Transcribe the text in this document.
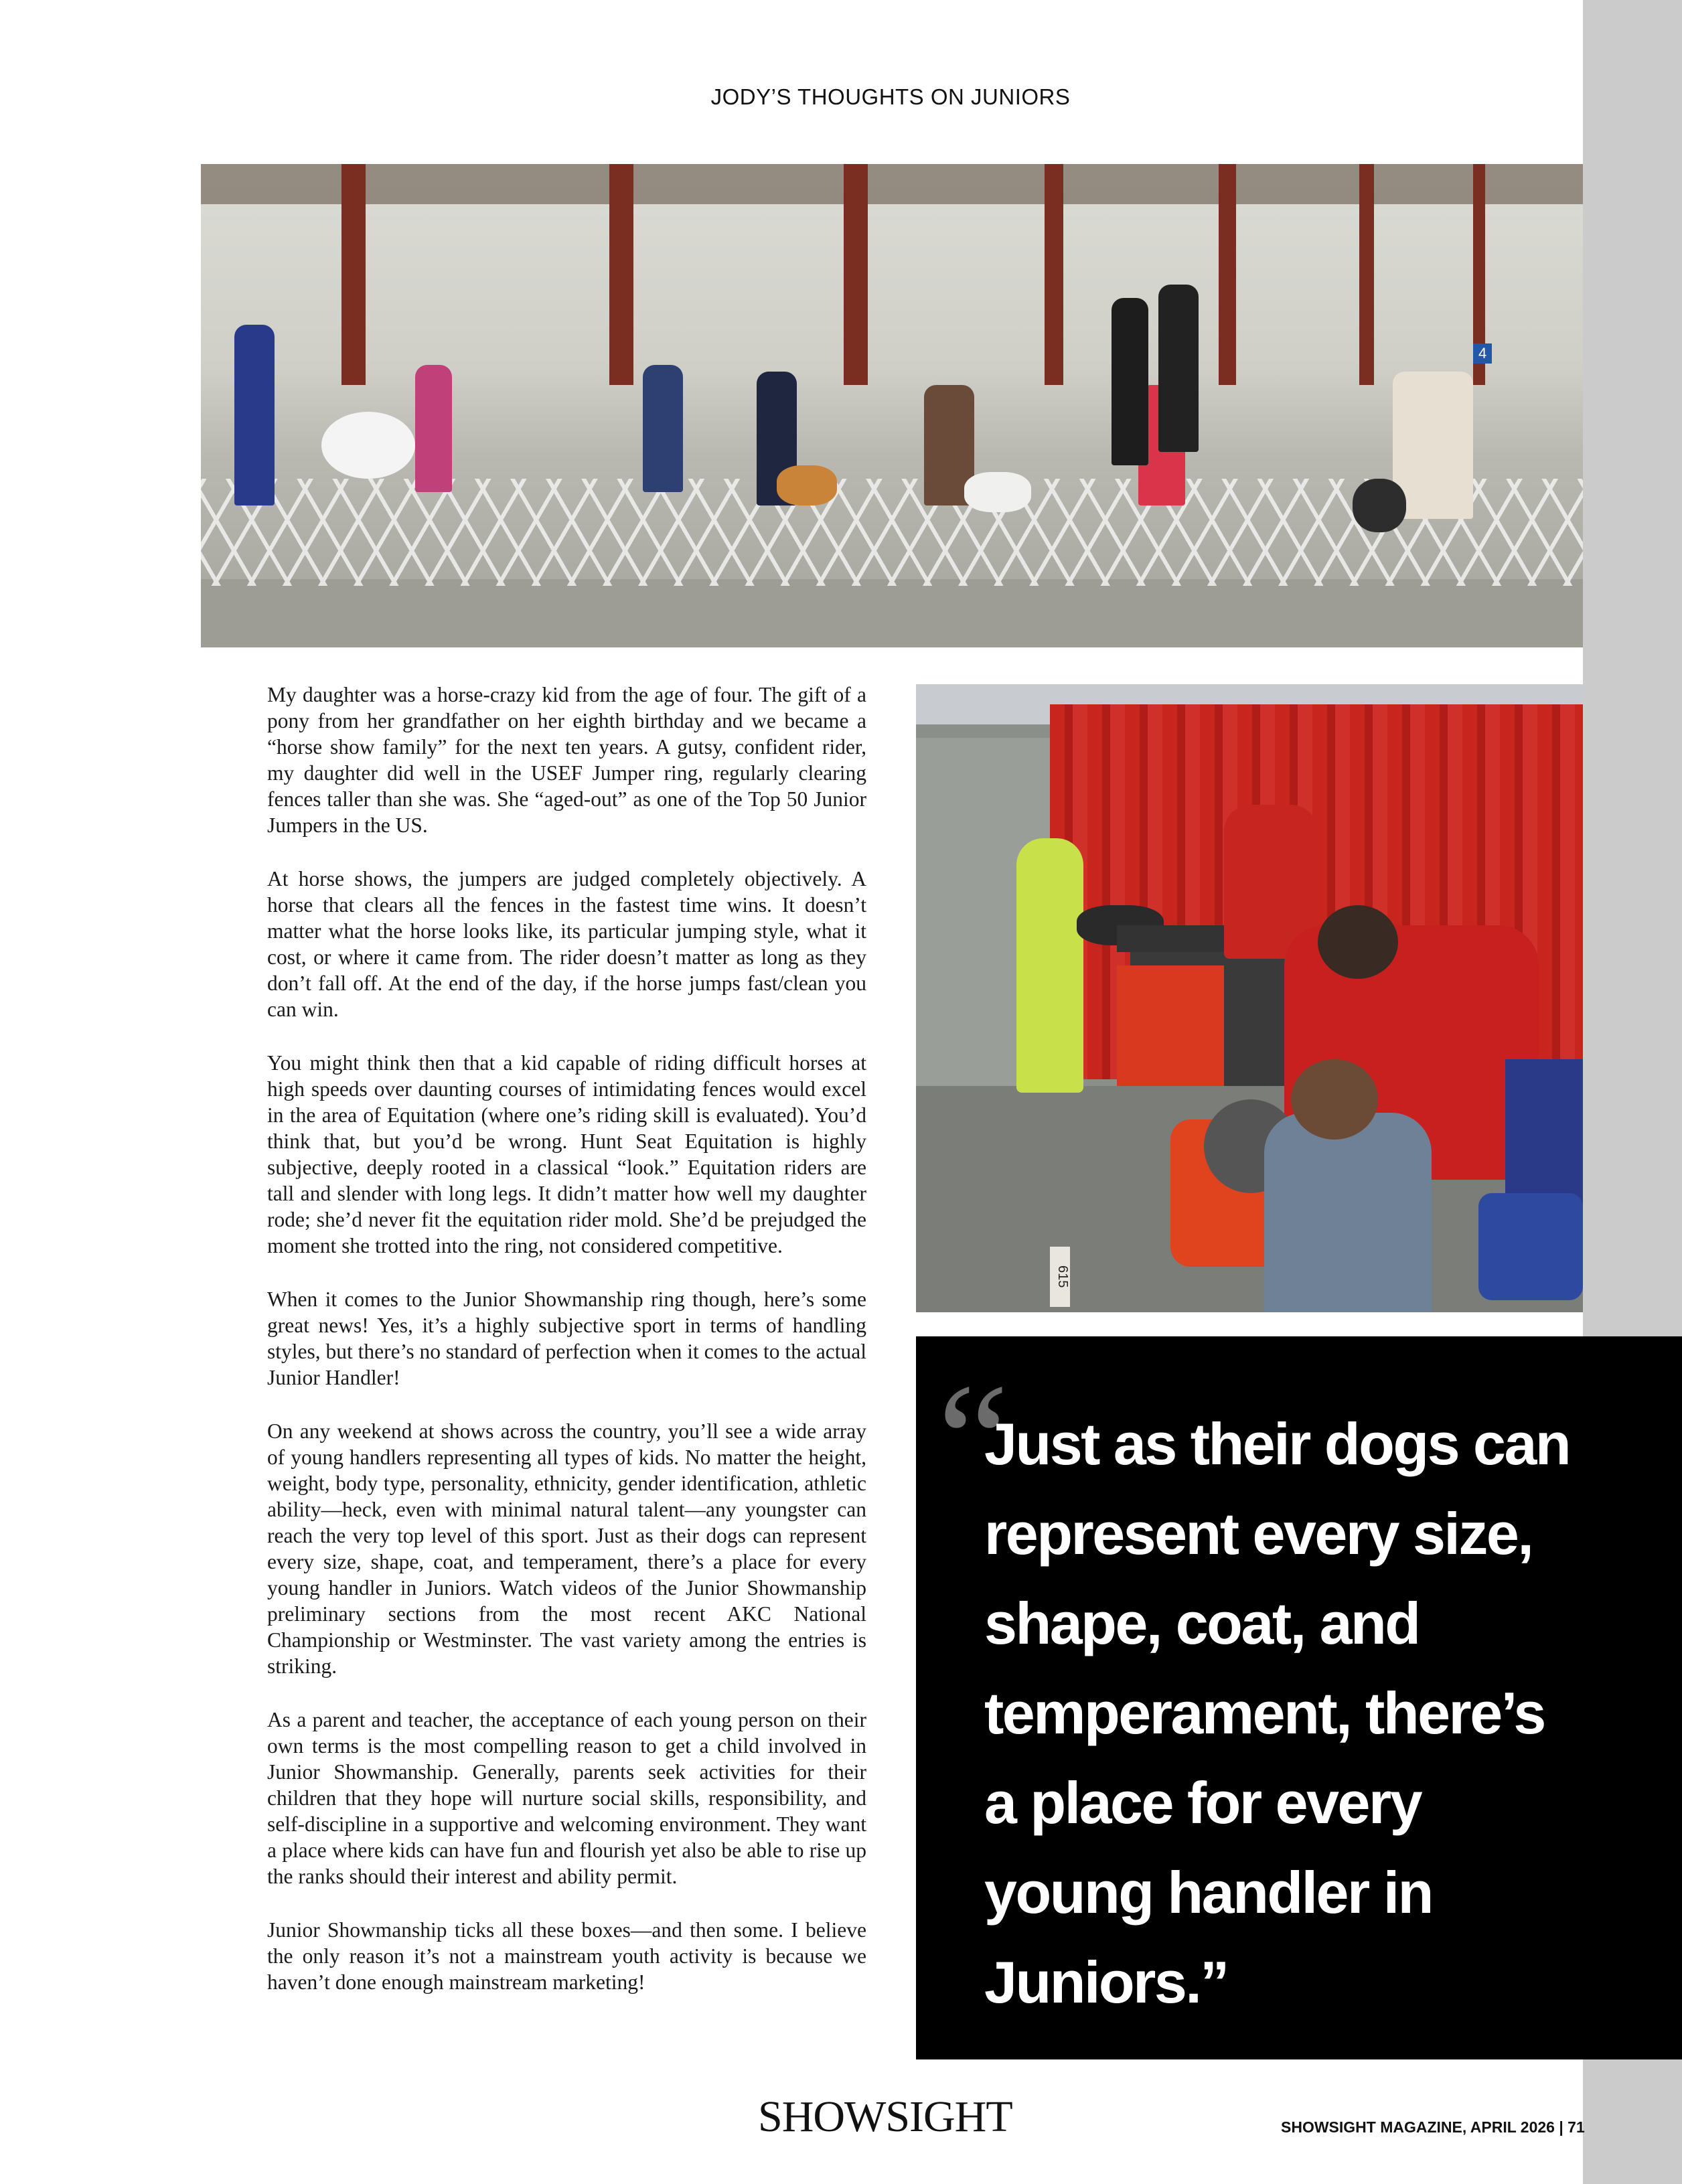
JODY’S THOUGHTS ON JUNIORS
4
615

My daughter was a horse-crazy kid from the age of four. The gift of a pony from her grandfather on her eighth birthday and we became a “horse show family” for the next ten years. A gutsy, confident rider, my daughter did well in the USEF Jumper ring, regularly clearing fences taller than she was. She “aged-out” as one of the Top 50 Junior Jumpers in the US.

At horse shows, the jumpers are judged completely objectively. A horse that clears all the fences in the fastest time wins. It doesn’t matter what the horse looks like, its particular jumping style, what it cost, or where it came from. The rider doesn’t matter as long as they don’t fall off. At the end of the day, if the horse jumps fast/clean you can win.

You might think then that a kid capable of riding difficult horses at high speeds over daunting courses of intimidating fences would excel in the area of Equitation (where one’s riding skill is evaluated). You’d think that, but you’d be wrong. Hunt Seat Equitation is highly subjective, deeply rooted in a classical “look.” Equitation riders are tall and slender with long legs. It didn’t matter how well my daughter rode; she’d never fit the equitation rider mold. She’d be prejudged the moment she trotted into the ring, not considered competitive.

When it comes to the Junior Showmanship ring though, here’s some great news! Yes, it’s a highly subjective sport in terms of handling styles, but there’s no standard of perfection when it comes to the actual Junior Handler!

On any weekend at shows across the country, you’ll see a wide array of young handlers representing all types of kids. No matter the height, weight, body type, personality, ethnicity, gender identification, athletic ability—heck, even with minimal natural talent—any youngster can reach the very top level of this sport. Just as their dogs can represent every size, shape, coat, and temperament, there’s a place for every young handler in Juniors. Watch videos of the Junior Showmanship preliminary sections from the most recent AKC National Championship or Westminster. The vast variety among the entries is striking.

As a parent and teacher, the acceptance of each young person on their own terms is the most compelling reason to get a child involved in Junior Showmanship. Generally, parents seek activities for their children that they hope will nurture social skills, responsibility, and self-discipline in a supportive and welcoming environment. They want a place where kids can have fun and flourish yet also be able to rise up the ranks should their interest and ability permit.

Junior Showmanship ticks all these boxes—and then some. I believe the only reason it’s not a mainstream youth activity is because we haven’t done enough mainstream marketing!

“
Just as their dogs can represent every size, shape, coat, and temperament, there’s a place for every young handler in Juniors.”
SHOWSIGHT	SHOWSIGHT MAGAZINE, APRIL 2026 | 71
